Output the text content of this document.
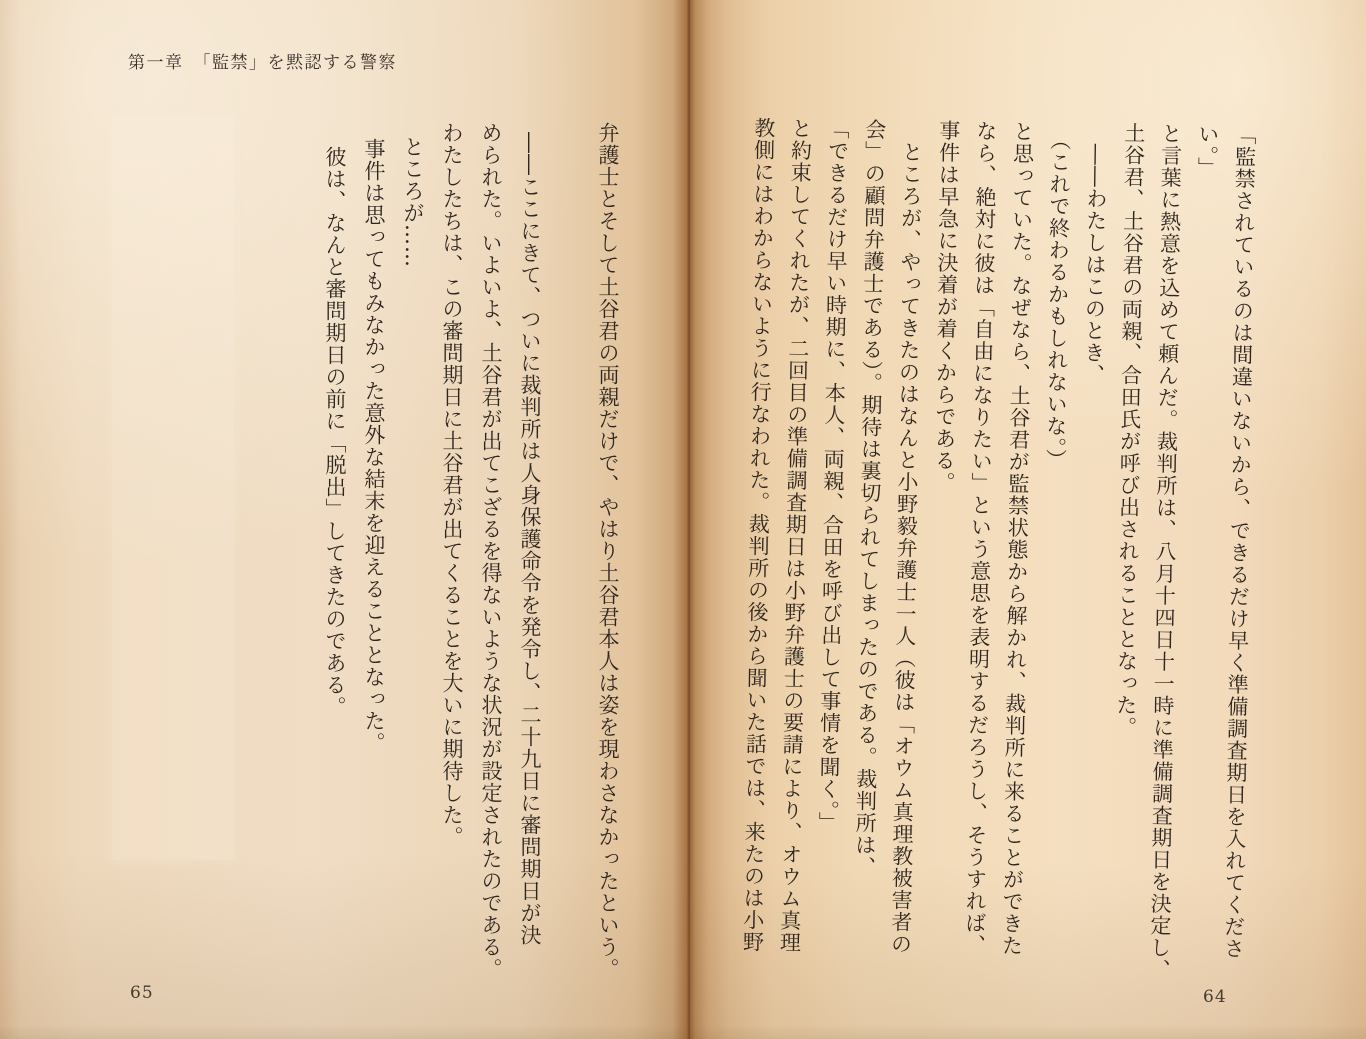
第一章　「監禁」を黙認する警察

弁護士とそして土谷君の両親だけで、やはり土谷君本人は姿を現わさなかったという。

――ここにきて、ついに裁判所は人身保護命令を発令し、二十九日に審問期日が決

められた。いよいよ、土谷君が出てこざるを得ないような状況が設定されたのである。

わたしたちは、この審問期日に土谷君が出てくることを大いに期待した。

ところが……

事件は思ってもみなかった意外な結末を迎えることとなった。

彼は、なんと審問期日の前に「脱出」してきたのである。

65

「監禁されているのは間違いないから、できるだけ早く準備調査期日を入れてくださ

い。」

と言葉に熱意を込めて頼んだ。裁判所は、八月十四日十一時に準備調査期日を決定し、

土谷君、土谷君の両親、合田氏が呼び出されることとなった。

――わたしはこのとき、

（これで終わるかもしれないな。）

と思っていた。なぜなら、土谷君が監禁状態から解かれ、裁判所に来ることができた

なら、絶対に彼は「自由になりたい」という意思を表明するだろうし、そうすれば、

事件は早急に決着が着くからである。

ところが、やってきたのはなんと小野毅弁護士一人（彼は「オウム真理教被害者の

会」の顧問弁護士である）。期待は裏切られてしまったのである。裁判所は、

「できるだけ早い時期に、本人、両親、合田を呼び出して事情を聞く。」

と約束してくれたが、二回目の準備調査期日は小野弁護士の要請により、オウム真理

教側にはわからないように行なわれた。裁判所の後から聞いた話では、来たのは小野

64
